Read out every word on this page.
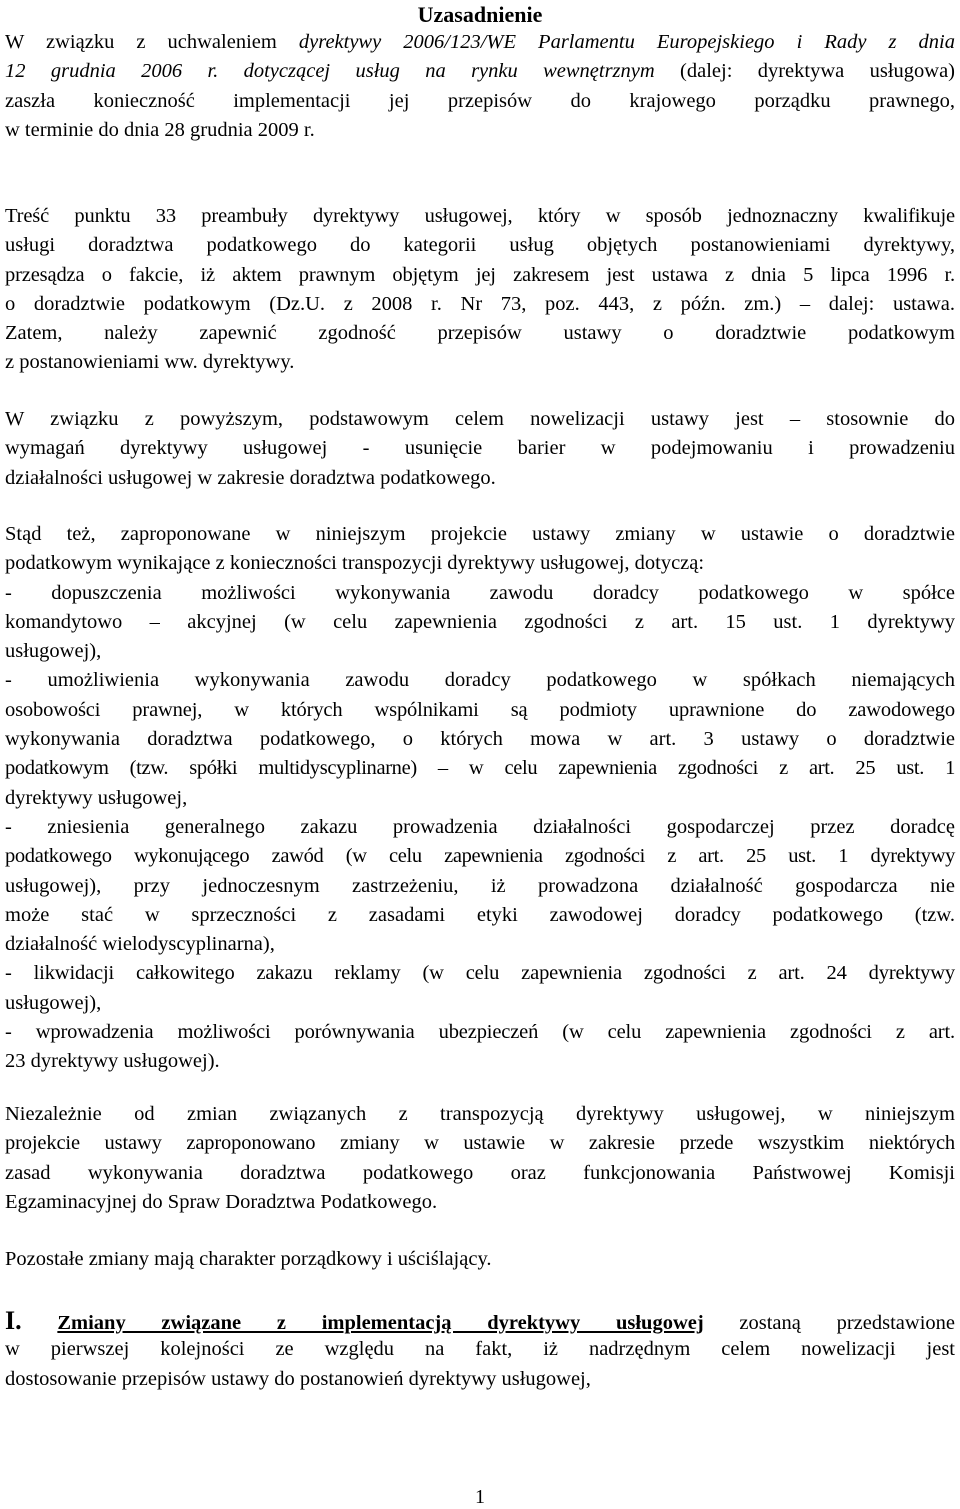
Uzasadnienie
W związku z uchwaleniem dyrektywy 2006/123/WE Parlamentu Europejskiego i Rady z dnia
12 grudnia 2006 r. dotyczącej usług na rynku wewnętrznym (dalej: dyrektywa usługowa)
zaszła konieczność implementacji jej przepisów do krajowego porządku prawnego,
w terminie do dnia 28 grudnia 2009 r.
Treść punktu 33 preambuły dyrektywy usługowej, który w sposób jednoznaczny kwalifikuje
usługi doradztwa podatkowego do kategorii usług objętych postanowieniami dyrektywy,
przesądza o fakcie, iż aktem prawnym objętym jej zakresem jest ustawa z dnia 5 lipca 1996 r.
o doradztwie podatkowym (Dz.U. z 2008 r. Nr 73, poz. 443, z późn. zm.) – dalej: ustawa.
Zatem, należy zapewnić zgodność przepisów ustawy o doradztwie podatkowym
z postanowieniami ww. dyrektywy.
W związku z powyższym, podstawowym celem nowelizacji ustawy jest – stosownie do
wymagań dyrektywy usługowej - usunięcie barier w podejmowaniu i prowadzeniu
działalności usługowej w zakresie doradztwa podatkowego.
Stąd też, zaproponowane w niniejszym projekcie ustawy zmiany w ustawie o doradztwie
podatkowym wynikające z konieczności transpozycji dyrektywy usługowej, dotyczą:
- dopuszczenia możliwości wykonywania zawodu doradcy podatkowego w spółce
komandytowo – akcyjnej (w celu zapewnienia zgodności z art. 15 ust. 1 dyrektywy
usługowej),
- umożliwienia wykonywania zawodu doradcy podatkowego w spółkach niemających
osobowości prawnej, w których wspólnikami są podmioty uprawnione do zawodowego
wykonywania doradztwa podatkowego, o których mowa w art. 3 ustawy o doradztwie
podatkowym (tzw. spółki multidyscyplinarne) – w celu zapewnienia zgodności z art. 25 ust. 1
dyrektywy usługowej,
- zniesienia generalnego zakazu prowadzenia działalności gospodarczej przez doradcę
podatkowego wykonującego zawód (w celu zapewnienia zgodności z art. 25 ust. 1 dyrektywy
usługowej), przy jednoczesnym zastrzeżeniu, iż prowadzona działalność gospodarcza nie
może stać w sprzeczności z zasadami etyki zawodowej doradcy podatkowego (tzw.
działalność wielodyscyplinarna),
- likwidacji całkowitego zakazu reklamy (w celu zapewnienia zgodności z art. 24 dyrektywy
usługowej),
- wprowadzenia możliwości porównywania ubezpieczeń (w celu zapewnienia zgodności z art.
23 dyrektywy usługowej).
Niezależnie od zmian związanych z transpozycją dyrektywy usługowej, w niniejszym
projekcie ustawy zaproponowano zmiany w ustawie w zakresie przede wszystkim niektórych
zasad wykonywania doradztwa podatkowego oraz funkcjonowania Państwowej Komisji
Egzaminacyjnej do Spraw Doradztwa Podatkowego.
Pozostałe zmiany mają charakter porządkowy i uściślający.
I. Zmiany związane z implementacją dyrektywy usługowej zostaną przedstawione
w pierwszej kolejności ze względu na fakt, iż nadrzędnym celem nowelizacji jest
dostosowanie przepisów ustawy do postanowień dyrektywy usługowej,
1
